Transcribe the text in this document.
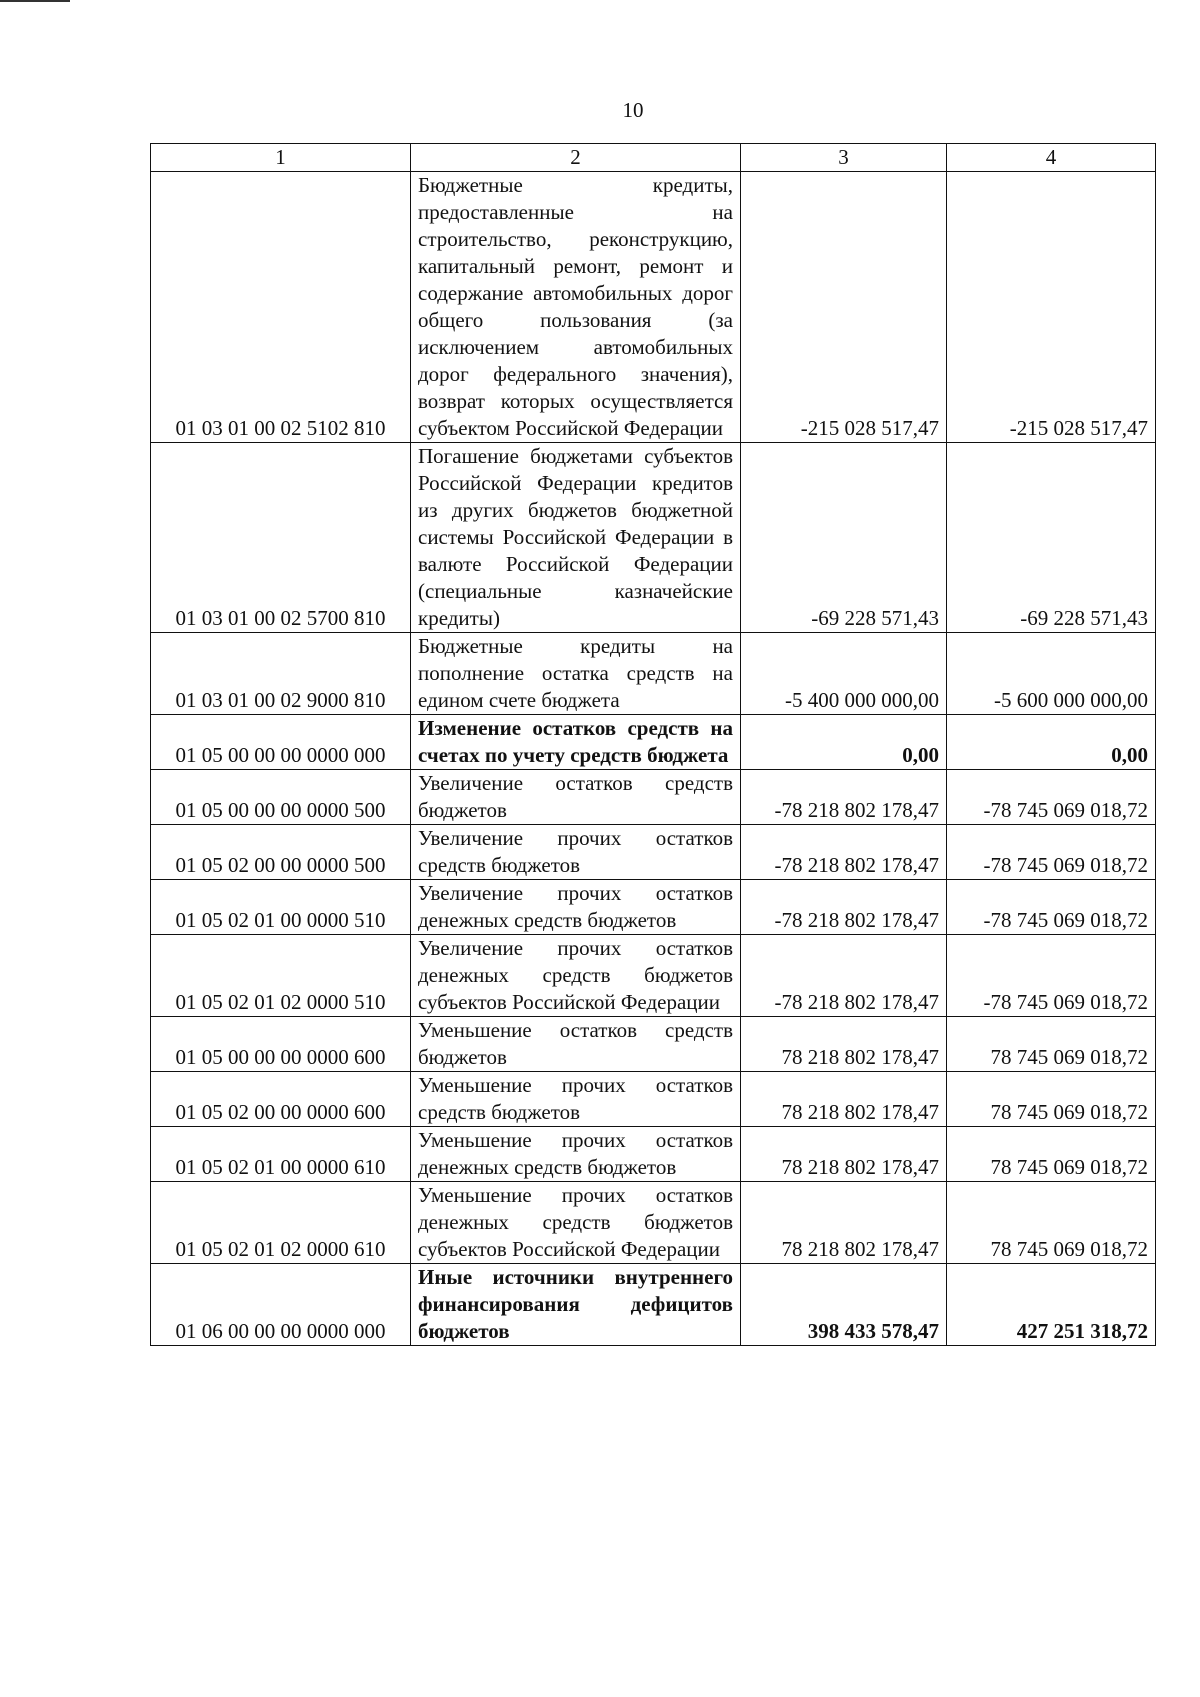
10
1	2	3	4
01 03 01 00 02 5102 810	Бюджетные кредиты, предоставленные на строительство, реконструкцию, капитальный ремонт, ремонт и содержание автомобильных дорог общего пользования (за исключением автомобильных дорог федерального значения), возврат которых осуществляется субъектом Российской Федерации	-215 028 517,47	-215 028 517,47
01 03 01 00 02 5700 810	Погашение бюджетами субъектов Российской Федерации кредитов из других бюджетов бюджетной системы Российской Федерации в валюте Российской Федерации (специальные казначейские кредиты)	-69 228 571,43	-69 228 571,43
01 03 01 00 02 9000 810	Бюджетные кредиты на пополнение остатка средств на едином счете бюджета	-5 400 000 000,00	-5 600 000 000,00
01 05 00 00 00 0000 000	Изменение остатков средств на счетах по учету средств бюджета	0,00	0,00
01 05 00 00 00 0000 500	Увеличение остатков средств бюджетов	-78 218 802 178,47	-78 745 069 018,72
01 05 02 00 00 0000 500	Увеличение прочих остатков средств бюджетов	-78 218 802 178,47	-78 745 069 018,72
01 05 02 01 00 0000 510	Увеличение прочих остатков денежных средств бюджетов	-78 218 802 178,47	-78 745 069 018,72
01 05 02 01 02 0000 510	Увеличение прочих остатков денежных средств бюджетов субъектов Российской Федерации	-78 218 802 178,47	-78 745 069 018,72
01 05 00 00 00 0000 600	Уменьшение остатков средств бюджетов	78 218 802 178,47	78 745 069 018,72
01 05 02 00 00 0000 600	Уменьшение прочих остатков средств бюджетов	78 218 802 178,47	78 745 069 018,72
01 05 02 01 00 0000 610	Уменьшение прочих остатков денежных средств бюджетов	78 218 802 178,47	78 745 069 018,72
01 05 02 01 02 0000 610	Уменьшение прочих остатков денежных средств бюджетов субъектов Российской Федерации	78 218 802 178,47	78 745 069 018,72
01 06 00 00 00 0000 000	Иные источники внутреннего финансирования дефицитов бюджетов	398 433 578,47	427 251 318,72
